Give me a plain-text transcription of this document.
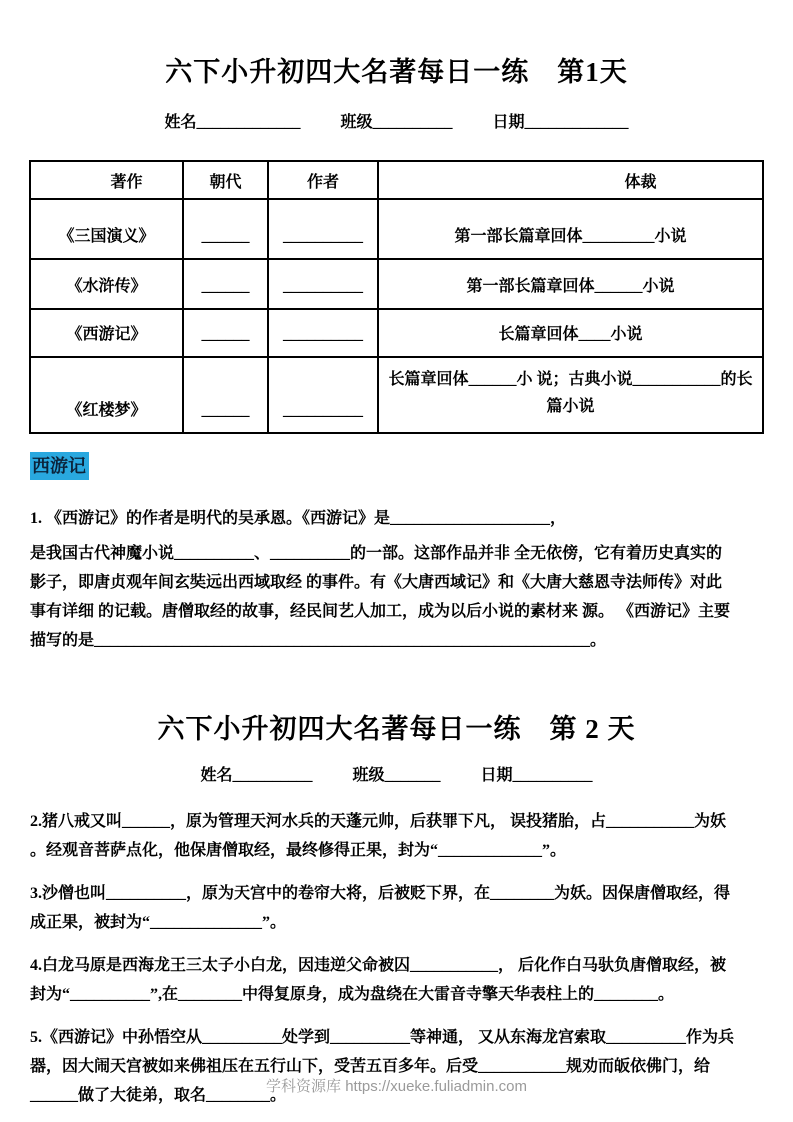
六下小升初四大名著每日一练　第1天
姓名_____________	班级__________	日期_____________
著作	朝代	作者	体裁
《三国演义》	______	__________	第一部长篇章回体_________小说
《水浒传》	______	__________	第一部长篇章回体______小说
《西游记》	______	__________	长篇章回体____小说
《红楼梦》	______	__________	长篇章回体______小 说；古典小说___________的长篇小说
西游记
1. 《西游记》的作者是明代的吴承恩。《西游记》是____________________，
是我国古代神魔小说__________、__________的一部。这部作品并非 全无依傍，它有着历史真实的
影子，即唐贞观年间玄奘远出西域取经 的事件。有《大唐西域记》和《大唐大慈恩寺法师传》对此
事有详细 的记载。唐僧取经的故事，经民间艺人加工，成为以后小说的素材来 源。 《西游记》主要
描写的是______________________________________________________________。
六下小升初四大名著每日一练　第 2 天
姓名__________	班级_______	日期__________
2.猪八戒又叫______，原为管理天河水兵的天蓬元帅，后获罪下凡， 误投猪胎，占___________为妖
。经观音菩萨点化，他保唐僧取经，最终修得正果，封为“_____________”。
3.沙僧也叫__________，原为天宫中的卷帘大将，后被贬下界，在________为妖。因保唐僧取经，得
成正果，被封为“______________”。
4.白龙马原是西海龙王三太子小白龙，因违逆父命被囚___________， 后化作白马驮负唐僧取经，被
封为“__________”,在________中得复原身，成为盘绕在大雷音寺擎天华表柱上的________。
5.《西游记》中孙悟空从__________处学到__________等神通， 又从东海龙宫索取__________作为兵
器，因大闹天宫被如来佛祖压在五行山下，受苦五百多年。后受___________规劝而皈依佛门，给
______做了大徒弟，取名________。
学科资源库 https://xueke.fuliadmin.com
